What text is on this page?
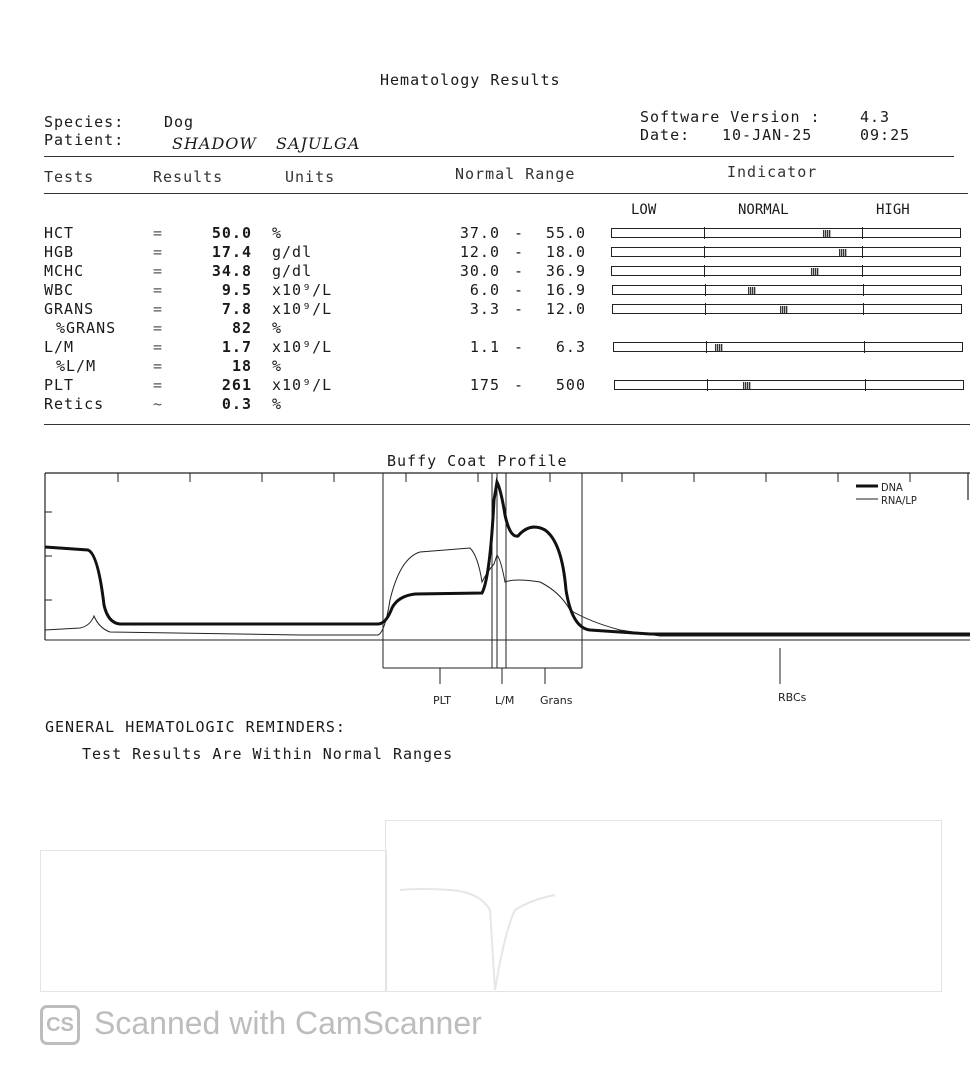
Hematology Results
Species:	Dog
Patient:	SHADOW SAJULGA
Software Version :	4.3
Date: 10-JAN-25	09:25
Tests	Results	Units	Normal Range	Indicator
LOW	NORMAL	HIGH
HCT	=	50.0 %	37.0 - 55.0
HGB	=	17.4 g/dl	12.0 - 18.0
MCHC	=	34.8 g/dl	30.0 - 36.9
WBC	=	9.5 x10⁹/L	6.0 - 16.9
GRANS	=	7.8 x10⁹/L	3.3 - 12.0
%GRANS =	82 %
L/M	=	1.7 x10⁹/L	1.1 - 6.3
%L/M	=	18 %
PLT	=	261 x10⁹/L	175 - 500
Retics	~	0.3 %
Buffy Coat Profile
DNA
RNA/LP
PLT	L/M Grans	RBCs
GENERAL HEMATOLOGIC REMINDERS:
Test Results Are Within Normal Ranges
CS Scanned with CamScanner
